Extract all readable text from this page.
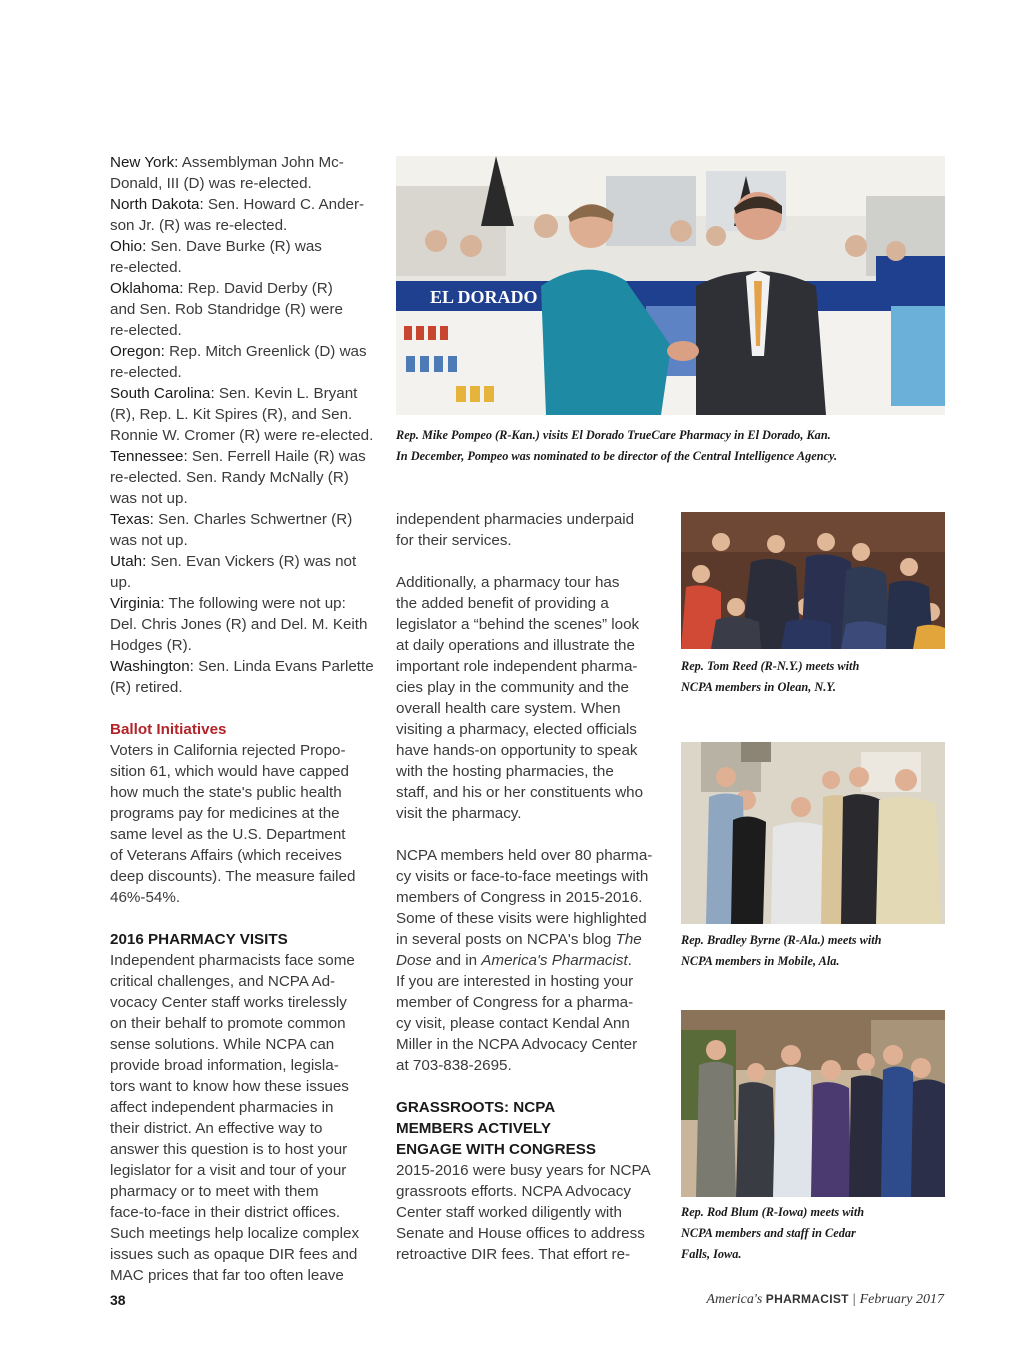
New York: Assemblyman John Mc-

Donald, III (D) was re-elected.

North Dakota: Sen. Howard C. Ander-

son Jr. (R) was re-elected.

Ohio: Sen. Dave Burke (R) was

re-elected.

Oklahoma: Rep. David Derby (R)

and Sen. Rob Standridge (R) were

re-elected.

Oregon: Rep. Mitch Greenlick (D) was

re-elected.

South Carolina: Sen. Kevin L. Bryant

(R), Rep. L. Kit Spires (R), and Sen.

Ronnie W. Cromer (R) were re-elected.

Tennessee: Sen. Ferrell Haile (R) was

re-elected. Sen. Randy McNally (R)

was not up.

Texas: Sen. Charles Schwertner (R)

was not up.

Utah: Sen. Evan Vickers (R) was not up.

Virginia: The following were not up:

Del. Chris Jones (R) and Del. M. Keith

Hodges (R).

Washington: Sen. Linda Evans Parlette

(R) retired.

Ballot Initiatives

Voters in California rejected Propo-

sition 61, which would have capped

how much the state's public health

programs pay for medicines at the

same level as the U.S. Department

of Veterans Affairs (which receives

deep discounts). The measure failed

46%-54%.

2016 PHARMACY VISITS

Independent pharmacists face some

critical challenges, and NCPA Ad-

vocacy Center staff works tirelessly

on their behalf to promote common

sense solutions. While NCPA can

provide broad information, legisla-

tors want to know how these issues

affect independent pharmacies in

their district. An effective way to

answer this question is to host your

legislator for a visit and tour of your

pharmacy or to meet with them

face-to-face in their district offices.

Such meetings help localize complex

issues such as opaque DIR fees and

MAC prices that far too often leave

independent pharmacies underpaid

for their services.

Additionally, a pharmacy tour has

the added benefit of providing a

legislator a “behind the scenes” look

at daily operations and illustrate the

important role independent pharma-

cies play in the community and the

overall health care system. When

visiting a pharmacy, elected officials

have hands-on opportunity to speak

with the hosting pharmacies, the

staff, and his or her constituents who

visit the pharmacy.

NCPA members held over 80 pharma-

cy visits or face-to-face meetings with

members of Congress in 2015-2016.

Some of these visits were highlighted

in several posts on NCPA's blog The

Dose and in America's Pharmacist.

If you are interested in hosting your

member of Congress for a pharma-

cy visit, please contact Kendal Ann

Miller in the NCPA Advocacy Center

at 703-838-2695.

GRASSROOTS: NCPA

MEMBERS ACTIVELY

ENGAGE WITH CONGRESS

2015-2016 were busy years for NCPA

grassroots efforts. NCPA Advocacy

Center staff worked diligently with

Senate and House offices to address

retroactive DIR fees. That effort re-

EL DORADO
Rep. Mike Pompeo (R-Kan.) visits El Dorado TrueCare Pharmacy in El Dorado, Kan.
In December, Pompeo was nominated to be director of the Central Intelligence Agency.
Rep. Tom Reed (R-N.Y.) meets with
NCPA members in Olean, N.Y.
Rep. Bradley Byrne (R-Ala.) meets with
NCPA members in Mobile, Ala.
Rep. Rod Blum (R-Iowa) meets with
NCPA members and staff in Cedar
Falls, Iowa.
38	America's PHARMACIST | February 2017
